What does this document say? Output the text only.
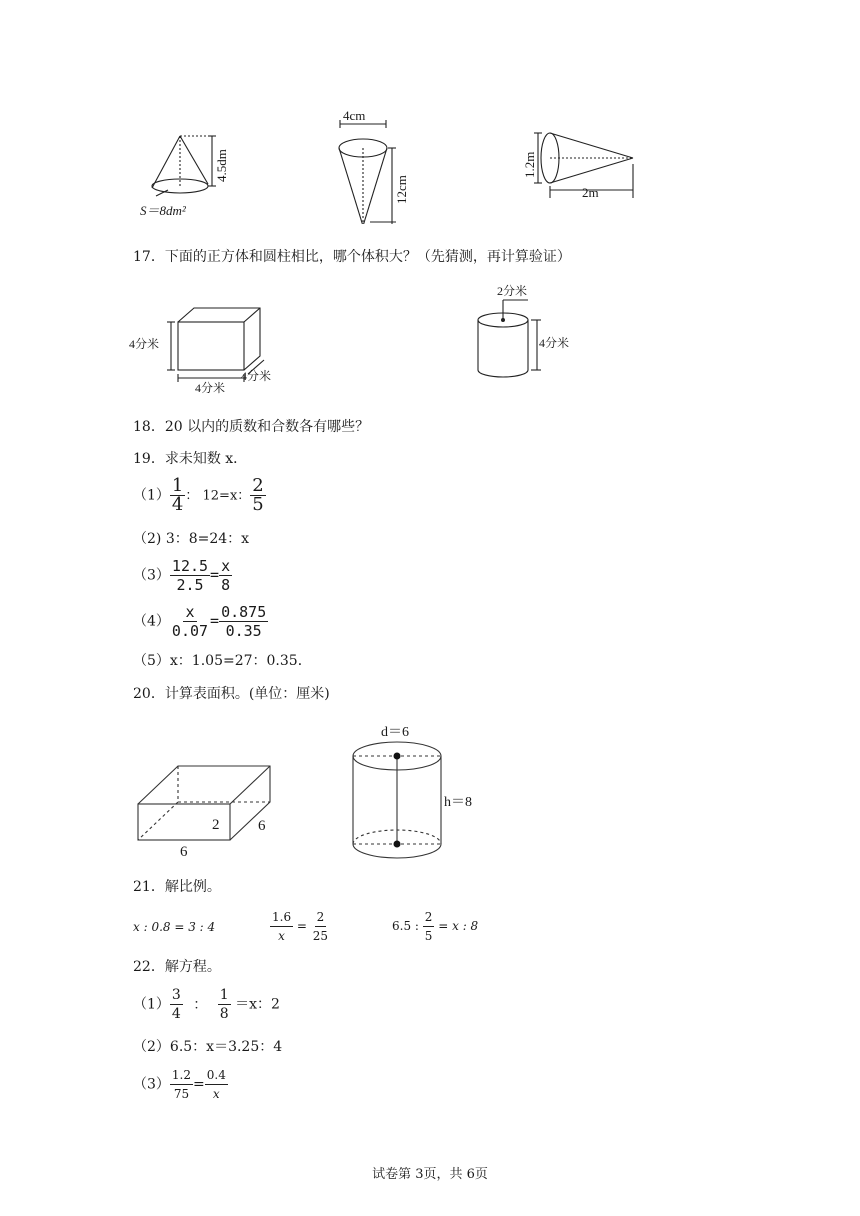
4.5dm
S＝8dm²
4cm
12cm
1.2m
2m
17．下面的正方体和圆柱相比，哪个体积大？（先猜测，再计算验证）
4分米
4分米
4分米
2分米
4分米
18．20 以内的质数和合数各有哪些？
19．求未知数 x．
$(1) \frac{1}{4}$ ： 12=x： $\frac{2}{5}$
（2) 3：8=24：x
$(3) \frac{12.5}{2.5} = \frac{x}{8}$
$(4) \frac{x}{0.07} = \frac{0.875}{0.35}$
（5）x：1.05=27：0.35．
20．计算表面积。(单位：厘米)
2	6
6
d＝6
h＝8
21．解比例。
x : 0.8 = 3 : 4	$\frac{1.6}{x} = \frac{2}{25}$	6.5 : $\frac{2}{5} = x$ : 8
22．解方程。
$(1) \frac{3}{4}$ ： $\frac{1}{8} =x$：2
（2）6.5：x＝3.25：4
$(3) \frac{1.2}{75} = \frac{0.4}{x}$
试卷第 3页，共 6页
